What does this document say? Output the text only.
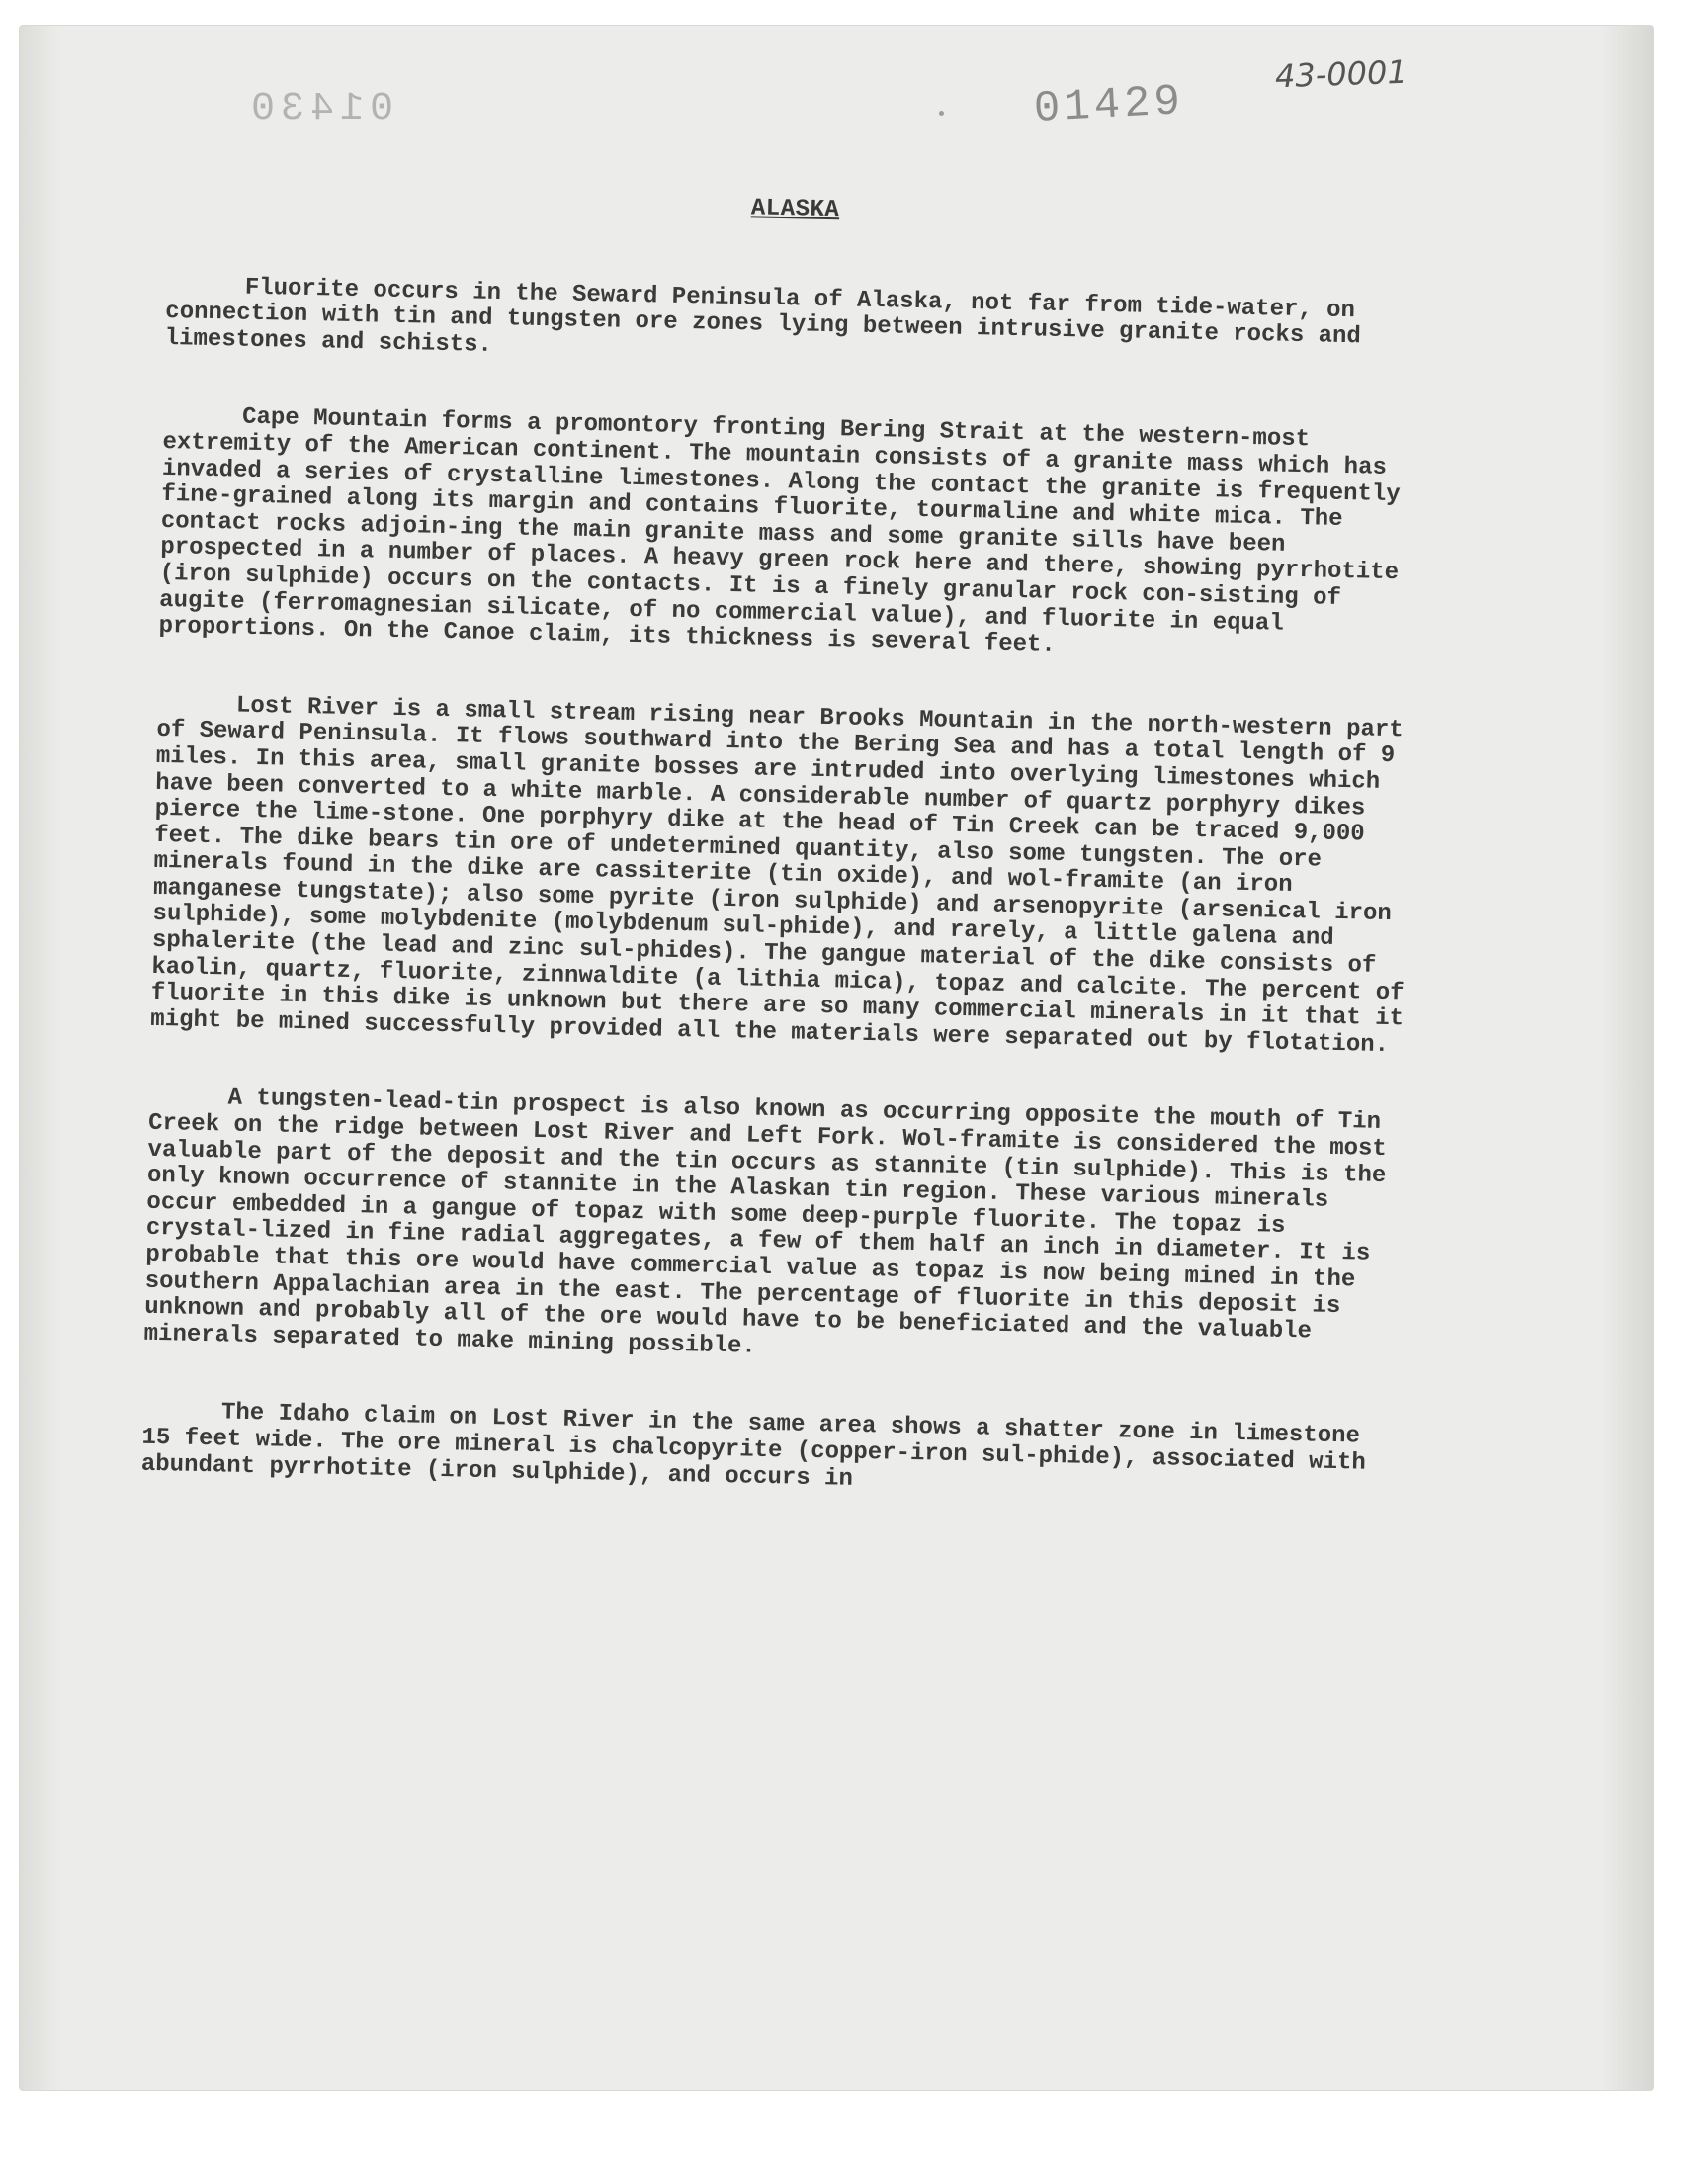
01430	01429
43-0001
ALASKA

Fluorite occurs in the Seward Peninsula of Alaska, not far from tide-water, on connection with tin and tungsten ore zones lying between intrusive granite rocks and limestones and schists.

Cape Mountain forms a promontory fronting Bering Strait at the western-most extremity of the American continent. The mountain consists of a granite mass which has invaded a series of crystalline limestones. Along the contact the granite is frequently fine-grained along its margin and contains fluorite, tourmaline and white mica. The contact rocks adjoin-ing the main granite mass and some granite sills have been prospected in a number of places. A heavy green rock here and there, showing pyrrhotite (iron sulphide) occurs on the contacts. It is a finely granular rock con-sisting of augite (ferromagnesian silicate, of no commercial value), and fluorite in equal proportions. On the Canoe claim, its thickness is several feet.

Lost River is a small stream rising near Brooks Mountain in the north-western part of Seward Peninsula. It flows southward into the Bering Sea and has a total length of 9 miles. In this area, small granite bosses are intruded into overlying limestones which have been converted to a white marble. A considerable number of quartz porphyry dikes pierce the lime-stone. One porphyry dike at the head of Tin Creek can be traced 9,000 feet. The dike bears tin ore of undetermined quantity, also some tungsten. The ore minerals found in the dike are cassiterite (tin oxide), and wol-framite (an iron manganese tungstate); also some pyrite (iron sulphide) and arsenopyrite (arsenical iron sulphide), some molybdenite (molybdenum sul-phide), and rarely, a little galena and sphalerite (the lead and zinc sul-phides). The gangue material of the dike consists of kaolin, quartz, fluorite, zinnwaldite (a lithia mica), topaz and calcite. The percent of fluorite in this dike is unknown but there are so many commercial minerals in it that it might be mined successfully provided all the materials were separated out by flotation.

A tungsten-lead-tin prospect is also known as occurring opposite the mouth of Tin Creek on the ridge between Lost River and Left Fork. Wol-framite is considered the most valuable part of the deposit and the tin occurs as stannite (tin sulphide). This is the only known occurrence of stannite in the Alaskan tin region. These various minerals occur embedded in a gangue of topaz with some deep-purple fluorite. The topaz is crystal-lized in fine radial aggregates, a few of them half an inch in diameter. It is probable that this ore would have commercial value as topaz is now being mined in the southern Appalachian area in the east. The percentage of fluorite in this deposit is unknown and probably all of the ore would have to be beneficiated and the valuable minerals separated to make mining possible.

The Idaho claim on Lost River in the same area shows a shatter zone in limestone 15 feet wide. The ore mineral is chalcopyrite (copper-iron sul-phide), associated with abundant pyrrhotite (iron sulphide), and occurs in
